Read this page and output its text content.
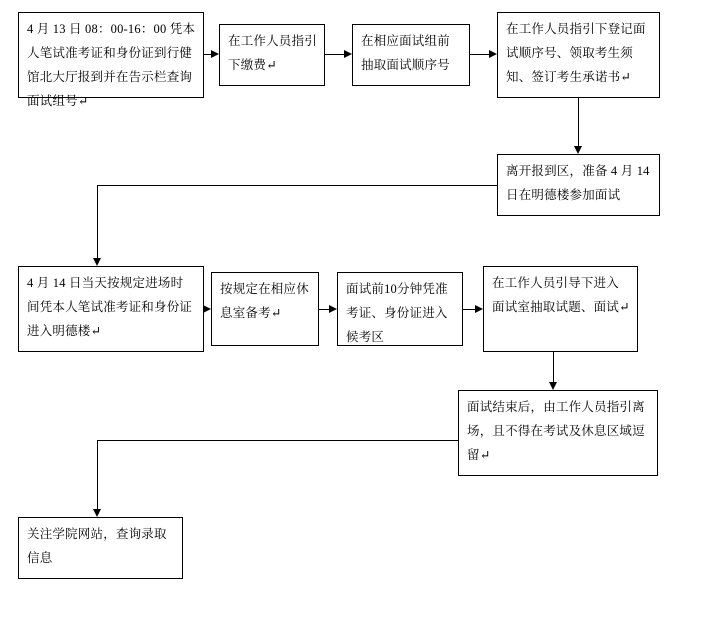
4 月 13 日 08：00-16：00 凭本人笔试准考证和身份证到行健馆北大厅报到并在告示栏查询面试组号↵
在工作人员指引下缴费↵
在相应面试组前抽取面试顺序号
在工作人员指引下登记面试顺序号、领取考生须知、签订考生承诺书↵
离开报到区，准备 4 月 14 日在明德楼参加面试
4 月 14 日当天按规定进场时间凭本人笔试准考证和身份证进入明德楼↵
按规定在相应休息室备考↵
面试前10分钟凭准考证、身份证进入候考区
在工作人员引导下进入面试室抽取试题、面试↵
面试结束后，由工作人员指引离场，且不得在考试及休息区域逗留↵
关注学院网站，查询录取信息
